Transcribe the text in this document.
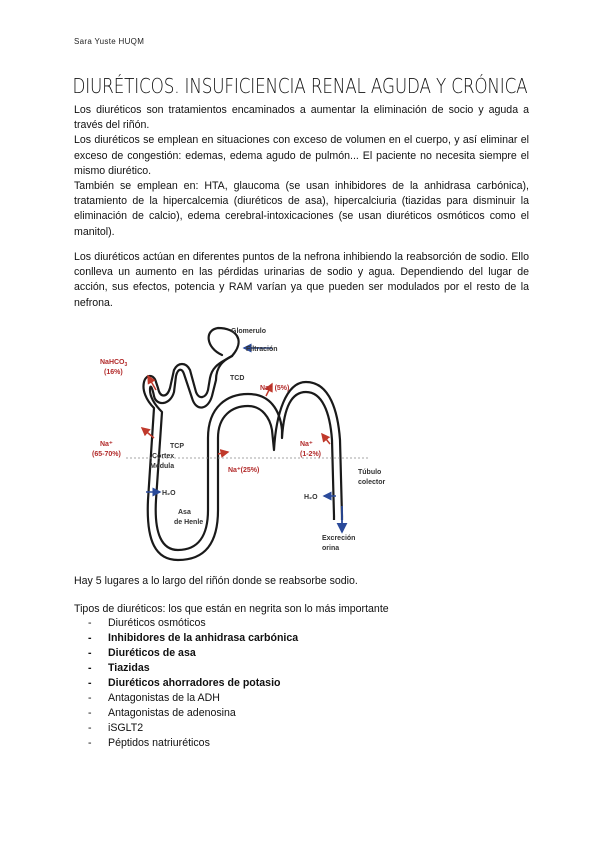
Sara Yuste HUQM
DIURÉTICOS. INSUFICIENCIA RENAL AGUDA Y CRÓNICA

Los diuréticos son tratamientos encaminados a aumentar la eliminación de socio y aguda a través del riñón.

Los diuréticos se emplean en situaciones con exceso de volumen en el cuerpo, y así eliminar el exceso de congestión: edemas, edema agudo de pulmón... El paciente no necesita siempre el mismo diurético.

También se emplean en: HTA, glaucoma (se usan inhibidores de la anhidrasa carbónica), tratamiento de la hipercalcemia (diuréticos de asa), hipercalciuria (tiazidas para disminuir la eliminación de calcio), edema cerebral-intoxicaciones (se usan diuréticos osmóticos como el manitol).

Los diuréticos actúan en diferentes puntos de la nefrona inhibiendo la reabsorción de sodio. Ello conlleva un aumento en las pérdidas urinarias de sodio y agua. Dependiendo del lugar de acción, sus efectos, potencia y RAM varían ya que pueden ser modulados por el resto de la nefrona.

Glomerulo
Filtración
NaHCO$_3$
(16%)
TCD
Na⁺ (5%)
Na⁺
(65-70%)
TCP
Cortex
Médula
Na⁺(25%)
Na⁺
(1-2%)
Túbulo
colector
H₂O
H₂O
Asa
de Henle
Excreción
orina

Hay 5 lugares a lo largo del riñón donde se reabsorbe sodio.

Tipos de diuréticos: los que están en negrita son lo más importante

- Diuréticos osmóticos
- Inhibidores de la anhidrasa carbónica
- Diuréticos de asa
- Tiazidas
- Diuréticos ahorradores de potasio
- Antagonistas de la ADH
- Antagonistas de adenosina
- iSGLT2
- Péptidos natriuréticos
